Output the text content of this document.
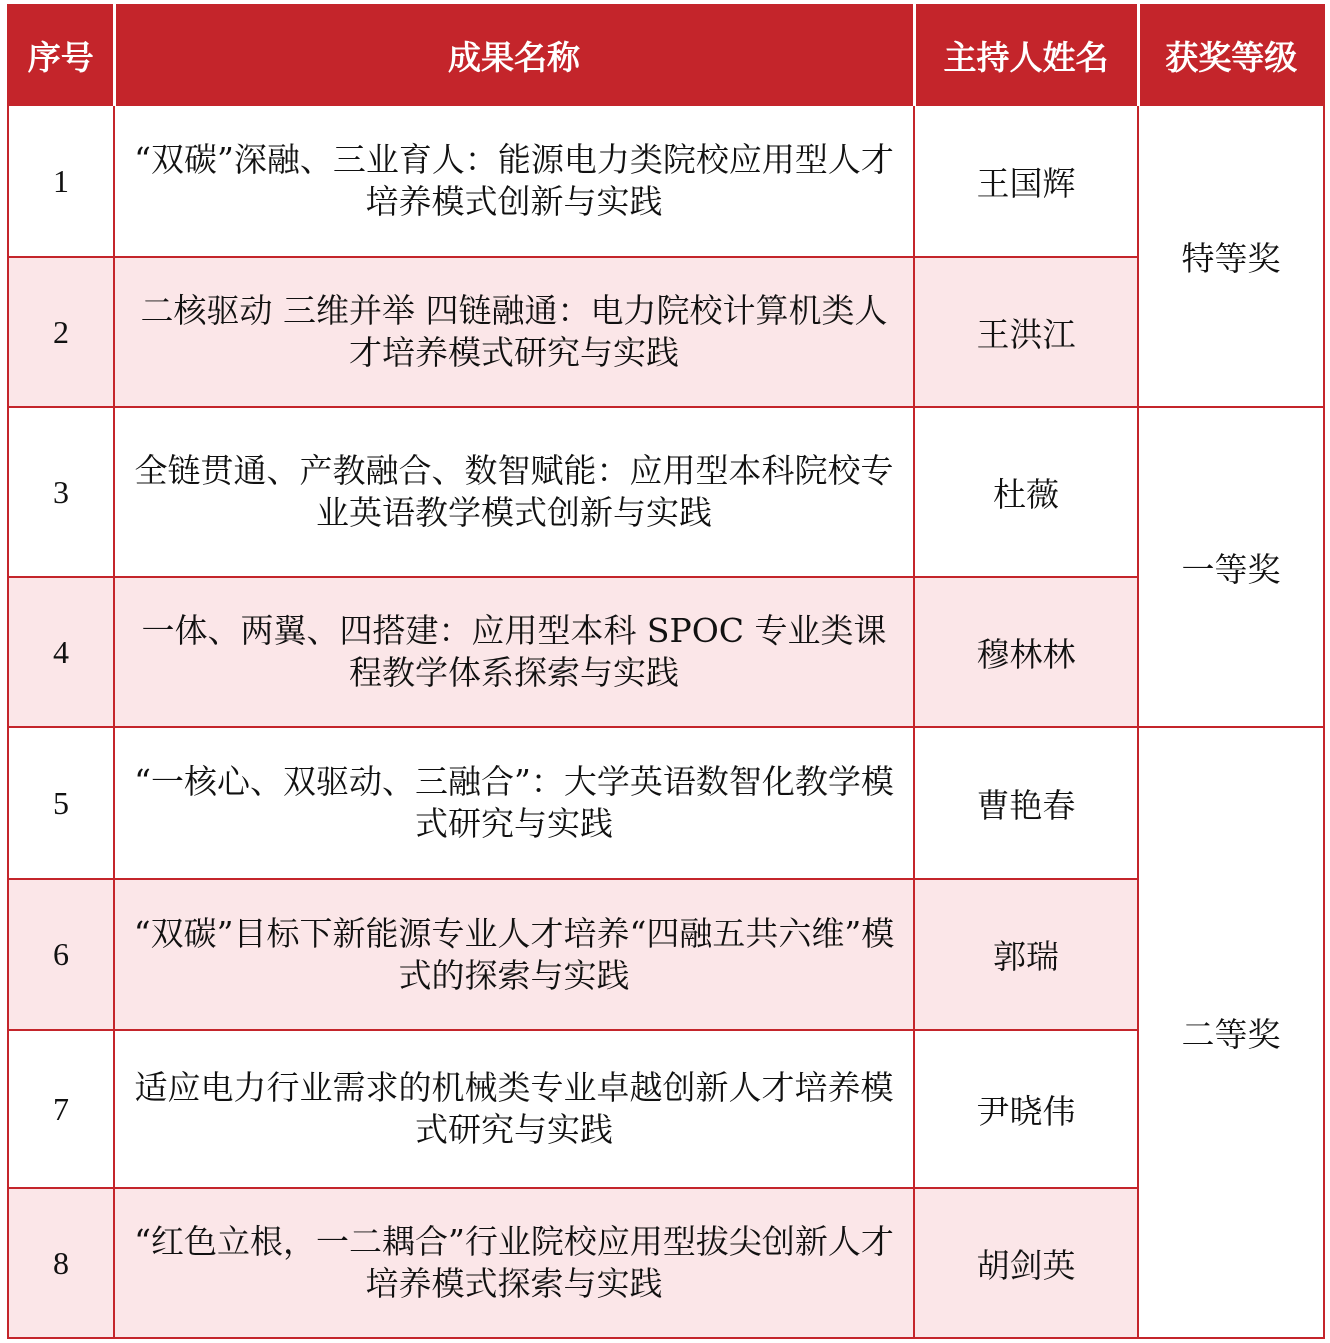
序号	成果名称	主持人姓名	获奖等级
1	“双碳”深融、三业育人：能源电力类院校应用型人才培养模式创新与实践	王国辉	特等奖
2	二核驱动 三维并举 四链融通：电力院校计算机类人才培养模式研究与实践	王洪江	
3	全链贯通、产教融合、数智赋能：应用型本科院校专业英语教学模式创新与实践	杜薇	一等奖
4	一体、两翼、四搭建：应用型本科 SPOC 专业类课程教学体系探索与实践	穆林林	
5	“一核心、双驱动、三融合”：大学英语数智化教学模式研究与实践	曹艳春	二等奖
6	“双碳”目标下新能源专业人才培养“四融五共六维”模式的探索与实践	郭瑞	
7	适应电力行业需求的机械类专业卓越创新人才培养模式研究与实践	尹晓伟	
8	“红色立根，一二耦合”行业院校应用型拔尖创新人才培养模式探索与实践	胡剑英	
